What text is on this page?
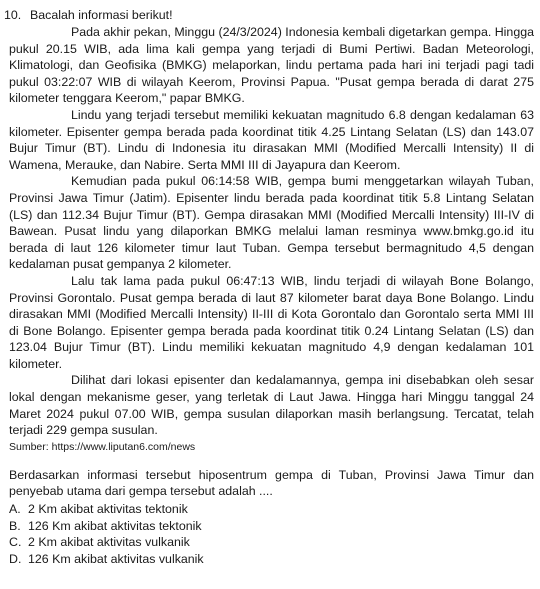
10. Bacalah informasi berikut!

Pada akhir pekan, Minggu (24/3/2024) Indonesia kembali digetarkan gempa. Hingga pukul 20.15 WIB, ada lima kali gempa yang terjadi di Bumi Pertiwi. Badan Meteorologi, Klimatologi, dan Geofisika (BMKG) melaporkan, lindu pertama pada hari ini terjadi pagi tadi pukul 03:22:07 WIB di wilayah Keerom, Provinsi Papua. "Pusat gempa berada di darat 275 kilometer tenggara Keerom," papar BMKG.

Lindu yang terjadi tersebut memiliki kekuatan magnitudo 6.8 dengan kedalaman 63 kilometer. Episenter gempa berada pada koordinat titik 4.25 Lintang Selatan (LS) dan 143.07 Bujur Timur (BT). Lindu di Indonesia itu dirasakan MMI (Modified Mercalli Intensity) II di Wamena, Merauke, dan Nabire. Serta MMI III di Jayapura dan Keerom.

Kemudian pada pukul 06:14:58 WIB, gempa bumi menggetarkan wilayah Tuban, Provinsi Jawa Timur (Jatim). Episenter lindu berada pada koordinat titik 5.8 Lintang Selatan (LS) dan 112.34 Bujur Timur (BT). Gempa dirasakan MMI (Modified Mercalli Intensity) III-IV di Bawean. Pusat lindu yang dilaporkan BMKG melalui laman resminya www.bmkg.go.id itu berada di laut 126 kilometer timur laut Tuban. Gempa tersebut bermagnitudo 4,5 dengan kedalaman pusat gempanya 2 kilometer.

Lalu tak lama pada pukul 06:47:13 WIB, lindu terjadi di wilayah Bone Bolango, Provinsi Gorontalo. Pusat gempa berada di laut 87 kilometer barat daya Bone Bolango. Lindu dirasakan MMI (Modified Mercalli Intensity) II-III di Kota Gorontalo dan Gorontalo serta MMI III di Bone Bolango. Episenter gempa berada pada koordinat titik 0.24 Lintang Selatan (LS) dan 123.04 Bujur Timur (BT). Lindu memiliki kekuatan magnitudo 4,9 dengan kedalaman 101 kilometer.

Dilihat dari lokasi episenter dan kedalamannya, gempa ini disebabkan oleh sesar lokal dengan mekanisme geser, yang terletak di Laut Jawa. Hingga hari Minggu tanggal 24 Maret 2024 pukul 07.00 WIB, gempa susulan dilaporkan masih berlangsung. Tercatat, telah terjadi 229 gempa susulan.

Sumber: https://www.liputan6.com/news

Berdasarkan informasi tersebut hiposentrum gempa di Tuban, Provinsi Jawa Timur dan penyebab utama dari gempa tersebut adalah ....

A. 2 Km akibat aktivitas tektonik
B. 126 Km akibat aktivitas tektonik
C. 2 Km akibat aktivitas vulkanik
D. 126 Km akibat aktivitas vulkanik
